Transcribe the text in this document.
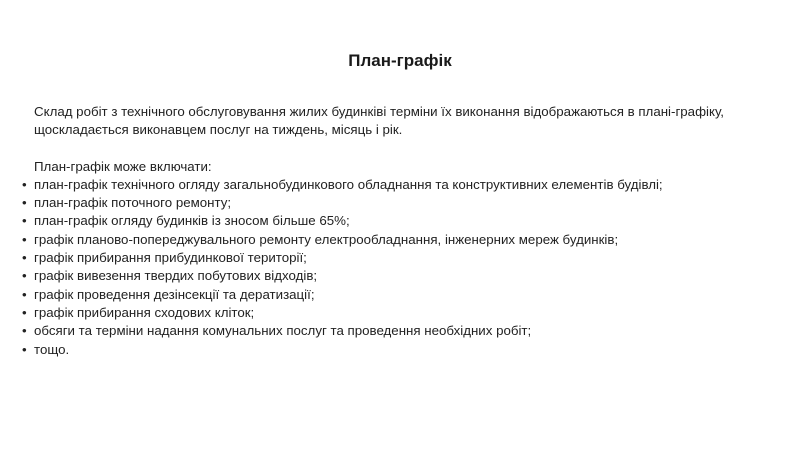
План-графік

Склад робіт з технічного обслуговування жилих будинківі терміни їх виконання відображаються в плані-графіку, щоскладається виконавцем послуг на тиждень, місяць і рік.

План-графік може включати:

• план-графік технічного огляду загальнобудинкового обладнання та конструктивних елементів будівлі;
• план-графік поточного ремонту;
• план-графік огляду будинків із зносом більше 65%;
• графік планово-попереджувального ремонту електрообладнання, інженерних мереж будинків;
• графік прибирання прибудинкової території;
• графік вивезення твердих побутових відходів;
• графік проведення дезінсекції та дератизації;
• графік прибирання сходових кліток;
• обсяги та терміни надання комунальних послуг та проведення необхідних робіт;
• тощо.
